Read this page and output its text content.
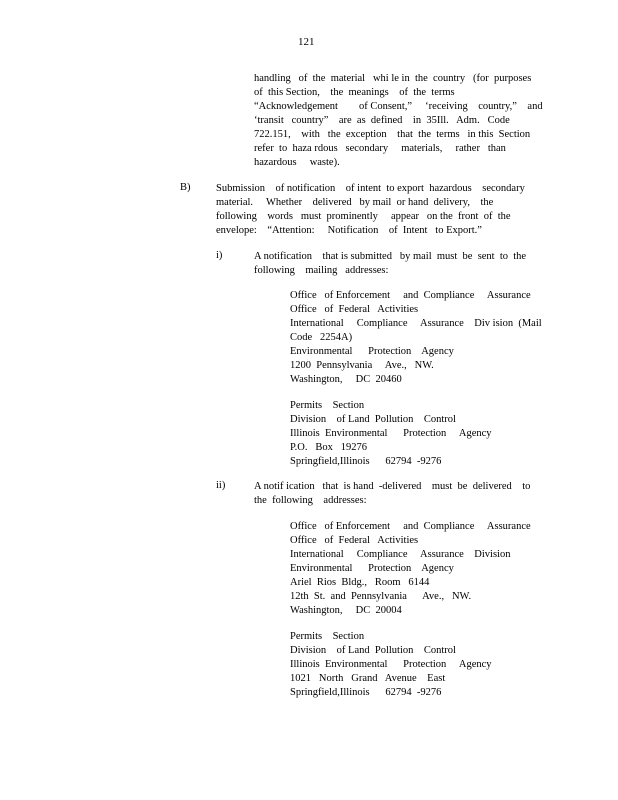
121
handling   of  the  material   whi le in  the  country   (for  purposes
of  this Section,    the  meanings    of  the  terms
“Acknowledgement        of Consent,”     ‘receiving    country,”    and
‘transit   country”    are  as  defined    in  35Ill.   Adm.   Code
722.151,    with   the  exception    that  the  terms   in this  Section
refer  to  haza rdous   secondary     materials,     rather   than
hazardous     waste).
B) Submission    of notification    of intent  to export  hazardous    secondary
material.     Whether    delivered   by mail  or hand  delivery,    the
following    words   must  prominently     appear   on the  front  of  the
envelope:    “Attention:     Notification    of  Intent   to Export.”
i)	A notification    that is submitted   by mail  must  be  sent  to  the
following    mailing   addresses:
Office   of Enforcement     and  Compliance     Assurance
Office   of  Federal   Activities
International     Compliance     Assurance    Div ision  (Mail
Code   2254A)
Environmental      Protection    Agency
1200  Pennsylvania     Ave.,   NW.
Washington,     DC  20460
Permits    Section
Division    of Land  Pollution    Control
Illinois  Environmental      Protection     Agency
P.O.   Box   19276
Springfield,Illinois      62794  -9276
ii)	A notif ication   that  is hand  -delivered    must  be  delivered    to
the  following    addresses:
Office   of Enforcement     and  Compliance     Assurance
Office   of  Federal   Activities
International     Compliance     Assurance    Division
Environmental      Protection    Agency
Ariel  Rios  Bldg.,   Room   6144
12th  St.  and  Pennsylvania      Ave.,   NW.
Washington,     DC  20004
Permits    Section
Division    of Land  Pollution    Control
Illinois  Environmental      Protection     Agency
1021   North   Grand   Avenue    East
Springfield,Illinois      62794  -9276
